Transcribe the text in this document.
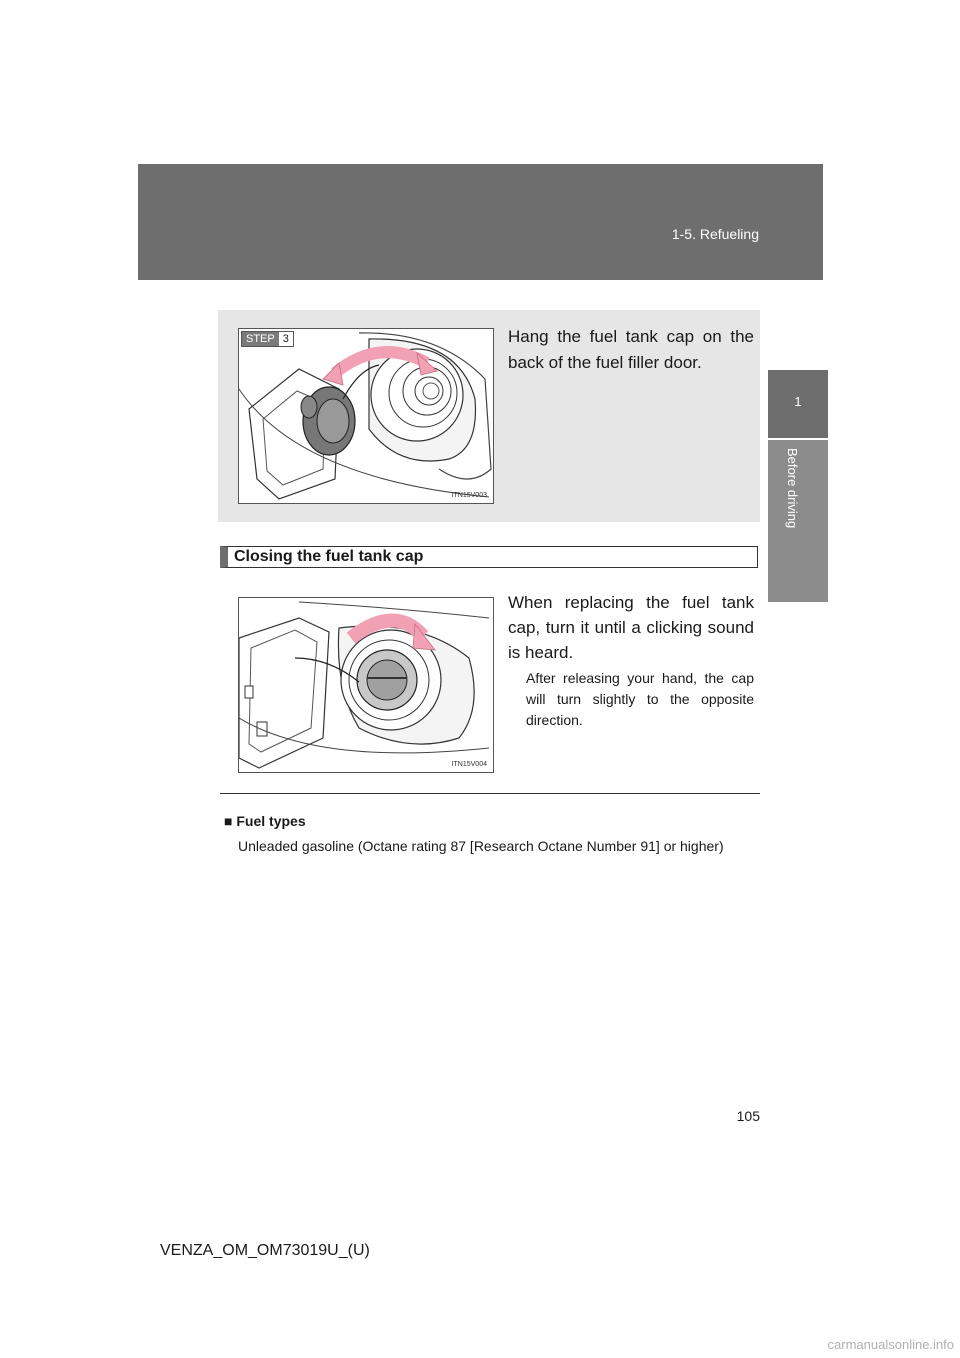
1-5. Refueling
1
Before driving
STEP 3
ITN15V003

Hang the fuel tank cap on the back of the fuel filler door.

Closing the fuel tank cap
ITN15V004

When replacing the fuel tank cap, turn it until a clicking sound is heard.

After releasing your hand, the cap will turn slightly to the opposite direction.

■ Fuel types

Unleaded gasoline (Octane rating 87 [Research Octane Number 91] or higher)

105
VENZA_OM_OM73019U_(U)
carmanualsonline.info
